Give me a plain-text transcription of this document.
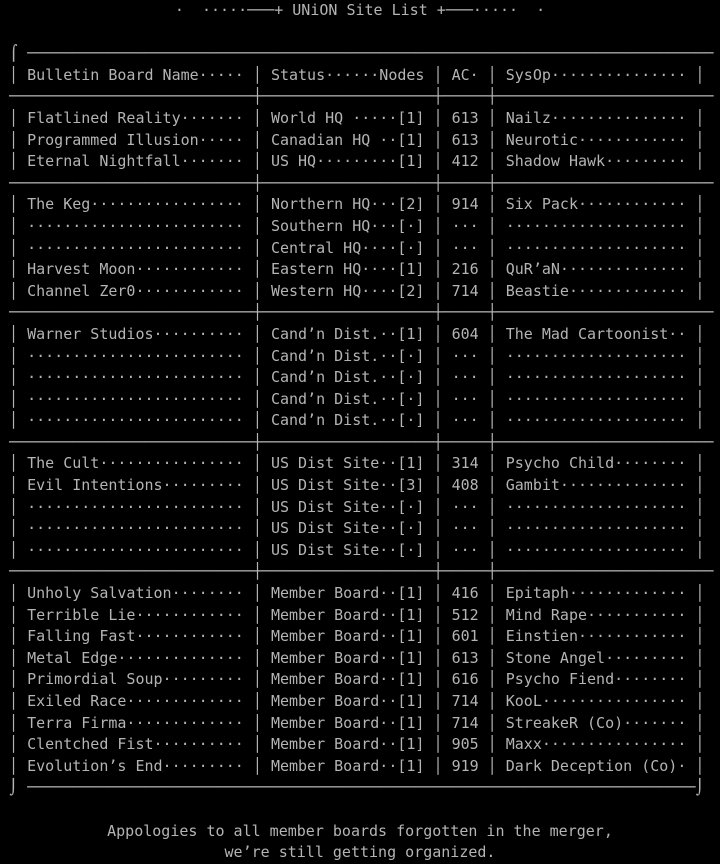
·  ·····───+ UNiON Site List +───·····  ·
⌠ ────────────────────────────────────────────────────────────────────────────
│ Bulletin Board Name····· │ Status······Nodes │ AC· │ SysOp··············· │
───────────────────────────┼───────────────────┼─────┼────────────────────────
│ Flatlined Reality······· │ World HQ ·····[1] │ 613 │ Nailz··············· │
│ Programmed Illusion····· │ Canadian HQ ··[1] │ 613 │ Neurotic············ │
│ Eternal Nightfall······· │ US HQ·········[1] │ 412 │ Shadow Hawk········· │
───────────────────────────┼───────────────────┼─────┼────────────────────────
│ The Keg················· │ Northern HQ···[2] │ 914 │ Six Pack············ │
│ ························ │ Southern HQ···[·] │ ··· │ ···················· │
│ ························ │ Central HQ····[·] │ ··· │ ···················· │
│ Harvest Moon············ │ Eastern HQ····[1] │ 216 │ QuR’aN·············· │
│ Channel Zer0············ │ Western HQ····[2] │ 714 │ Beastie············· │
───────────────────────────┼───────────────────┼─────┼────────────────────────
│ Warner Studios·········· │ Cand’n Dist.··[1] │ 604 │ The Mad Cartoonist·· │
│ ························ │ Cand’n Dist.··[·] │ ··· │ ···················· │
│ ························ │ Cand’n Dist.··[·] │ ··· │ ···················· │
│ ························ │ Cand’n Dist.··[·] │ ··· │ ···················· │
│ ························ │ Cand’n Dist.··[·] │ ··· │ ···················· │
───────────────────────────┼───────────────────┼─────┼────────────────────────
│ The Cult················ │ US Dist Site··[1] │ 314 │ Psycho Child········ │
│ Evil Intentions········· │ US Dist Site··[3] │ 408 │ Gambit·············· │
│ ························ │ US Dist Site··[·] │ ··· │ ···················· │
│ ························ │ US Dist Site··[·] │ ··· │ ···················· │
│ ························ │ US Dist Site··[·] │ ··· │ ···················· │
───────────────────────────┼───────────────────┼─────┼────────────────────────
│ Unholy Salvation········ │ Member Board··[1] │ 416 │ Epitaph············· │
│ Terrible Lie············ │ Member Board··[1] │ 512 │ Mind Rape··········· │
│ Falling Fast············ │ Member Board··[1] │ 601 │ Einstien············ │
│ Metal Edge·············· │ Member Board··[1] │ 613 │ Stone Angel········· │
│ Primordial Soup········· │ Member Board··[1] │ 616 │ Psycho Fiend········ │
│ Exiled Race············· │ Member Board··[1] │ 714 │ KooL················ │
│ Terra Firma············· │ Member Board··[1] │ 714 │ StreakeR (Co)······· │
│ Clentched Fist·········· │ Member Board··[1] │ 905 │ Maxx················ │
│ Evolution’s End········· │ Member Board··[1] │ 919 │ Dark Deception (Co)· │
⌡ ──────────────────────────────────────────────────────────────────────────⌡
Appologies to all member boards forgotten in the merger,
we’re still getting organized.
